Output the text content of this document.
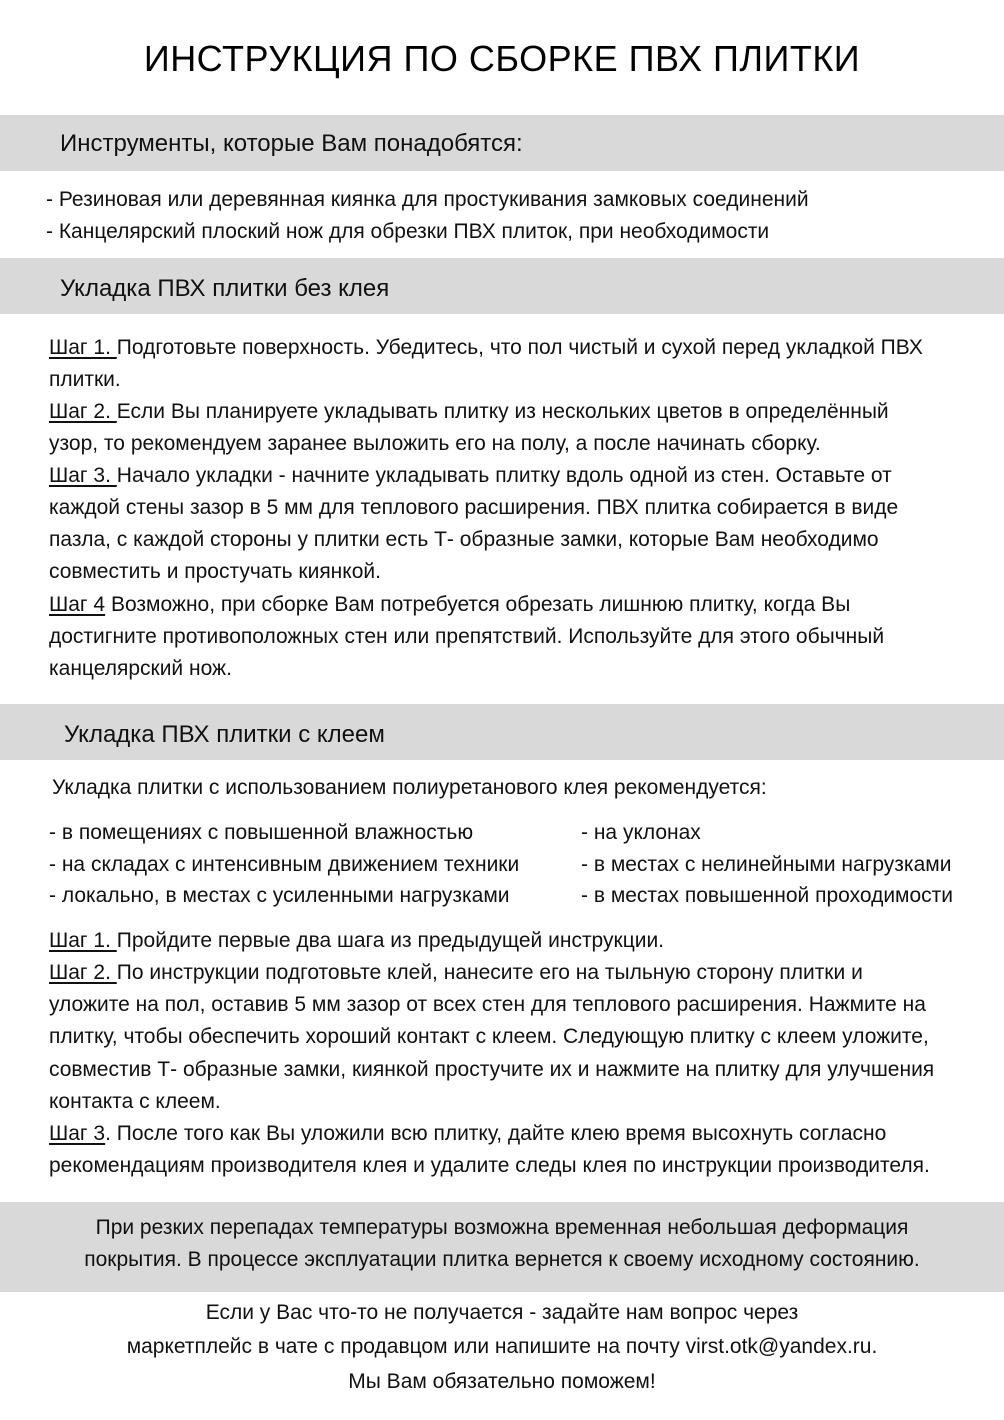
ИНСТРУКЦИЯ ПО СБОРКЕ ПВХ ПЛИТКИ
Инструменты, которые Вам понадобятся:
- Резиновая или деревянная киянка для простукивания замковых соединений
- Канцелярский плоский нож для обрезки ПВХ плиток, при необходимости
Укладка ПВХ плитки без клея
Шаг 1. Подготовьте поверхность. Убедитесь, что пол чистый и сухой перед укладкой ПВХ
плитки.
Шаг 2. Если Вы планируете укладывать плитку из нескольких цветов в определённый
узор, то рекомендуем заранее выложить его на полу, а после начинать сборку.
Шаг 3. Начало укладки - начните укладывать плитку вдоль одной из стен. Оставьте от
каждой стены зазор в 5 мм для теплового расширения. ПВХ плитка собирается в виде
пазла, с каждой стороны у плитки есть Т- образные замки, которые Вам необходимо
совместить и простучать киянкой.
Шаг 4 Возможно, при сборке Вам потребуется обрезать лишнюю плитку, когда Вы
достигните противоположных стен или препятствий. Используйте для этого обычный
канцелярский нож.
Укладка ПВХ плитки с клеем
Укладка плитки с использованием полиуретанового клея рекомендуется:
- в помещениях с повышенной влажностью
- на складах с интенсивным движением техники
- локально, в местах с усиленными нагрузками
- на уклонах
- в местах с нелинейными нагрузками
- в местах повышенной проходимости
Шаг 1. Пройдите первые два шага из предыдущей инструкции.
Шаг 2. По инструкции подготовьте клей, нанесите его на тыльную сторону плитки и
уложите на пол, оставив 5 мм зазор от всех стен для теплового расширения. Нажмите на
плитку, чтобы обеспечить хороший контакт с клеем. Следующую плитку с клеем уложите,
совместив Т- образные замки, киянкой простучите их и нажмите на плитку для улучшения
контакта с клеем.
Шаг 3. После того как Вы уложили всю плитку, дайте клею время высохнуть согласно
рекомендациям производителя клея и удалите следы клея по инструкции производителя.
При резких перепадах температуры возможна временная небольшая деформация
покрытия. В процессе эксплуатации плитка вернется к своему исходному состоянию.
Если у Вас что-то не получается - задайте нам вопрос через
маркетплейс в чате с продавцом или напишите на почту virst.otk@yandex.ru.
Мы Вам обязательно поможем!
